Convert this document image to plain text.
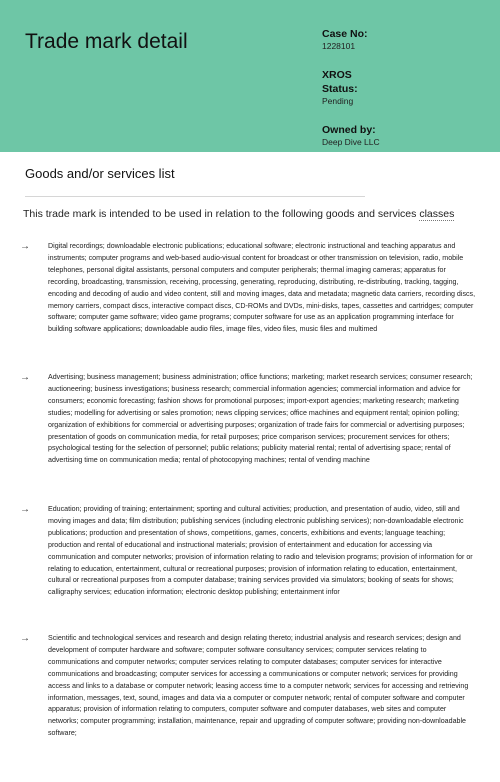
Trade mark detail	Case No:
1228101
XROS
Status:
Pending
Owned by:
Deep Dive LLC
Goods and/or services list
This trade mark is intended to be used in relation to the following goods and services classes
→	Digital recordings; downloadable electronic publications; educational software; electronic instructional and teaching apparatus and instruments; computer programs and web-based audio-visual content for broadcast or other transmission on television, radio, mobile telephones, personal digital assistants, personal computers and computer peripherals; thermal imaging cameras; apparatus for recording, broadcasting, transmission, receiving, processing, generating, reproducing, distributing, re-distributing, tracking, tagging, encoding and decoding of audio and video content, still and moving images, data and metadata; magnetic data carriers, recording discs, memory carriers, compact discs, interactive compact discs, CD-ROMs and DVDs, mini-disks, tapes, cassettes and cartridges; computer software; computer game software; video game programs; computer software for use as an application programming interface for building software applications; downloadable audio files, image files, video files, music files and multimed
→	Advertising; business management; business administration; office functions; marketing; market research services; consumer research; auctioneering; business investigations; business research; commercial information agencies; commercial information and advice for consumers; economic forecasting; fashion shows for promotional purposes; import-export agencies; marketing research; marketing studies; modelling for advertising or sales promotion; news clipping services; office machines and equipment rental; opinion polling; organization of exhibitions for commercial or advertising purposes; organization of trade fairs for commercial or advertising purposes; presentation of goods on communication media, for retail purposes; price comparison services; procurement services for others; psychological testing for the selection of personnel; public relations; publicity material rental; rental of advertising space; rental of advertising time on communication media; rental of photocopying machines; rental of vending machine
→	Education; providing of training; entertainment; sporting and cultural activities; production, and presentation of audio, video, still and moving images and data; film distribution; publishing services (including electronic publishing services); non-downloadable electronic publications; production and presentation of shows, competitions, games, concerts, exhibitions and events; language teaching; production and rental of educational and instructional materials; provision of entertainment and education for accessing via communication and computer networks; provision of information relating to radio and television programs; provision of information for or relating to education, entertainment, cultural or recreational purposes; provision of information relating to education, entertainment, cultural or recreational purposes from a computer database; training services provided via simulators; booking of seats for shows; calligraphy services; education information; electronic desktop publishing; entertainment infor
→	Scientific and technological services and research and design relating thereto; industrial analysis and research services; design and development of computer hardware and software; computer software consultancy services; computer services relating to communications and computer networks; computer services relating to computer databases; computer services for interactive communications and broadcasting; computer services for accessing a communications or computer network; services for providing access and links to a database or computer network; leasing access time to a computer network; services for accessing and retrieving information, messages, text, sound, images and data via a computer or computer network; rental of computer software and computer apparatus; provision of information relating to computers, computer software and computer databases, web sites and computer networks; computer programming; installation, maintenance, repair and upgrading of computer software; providing non-downloadable software;
